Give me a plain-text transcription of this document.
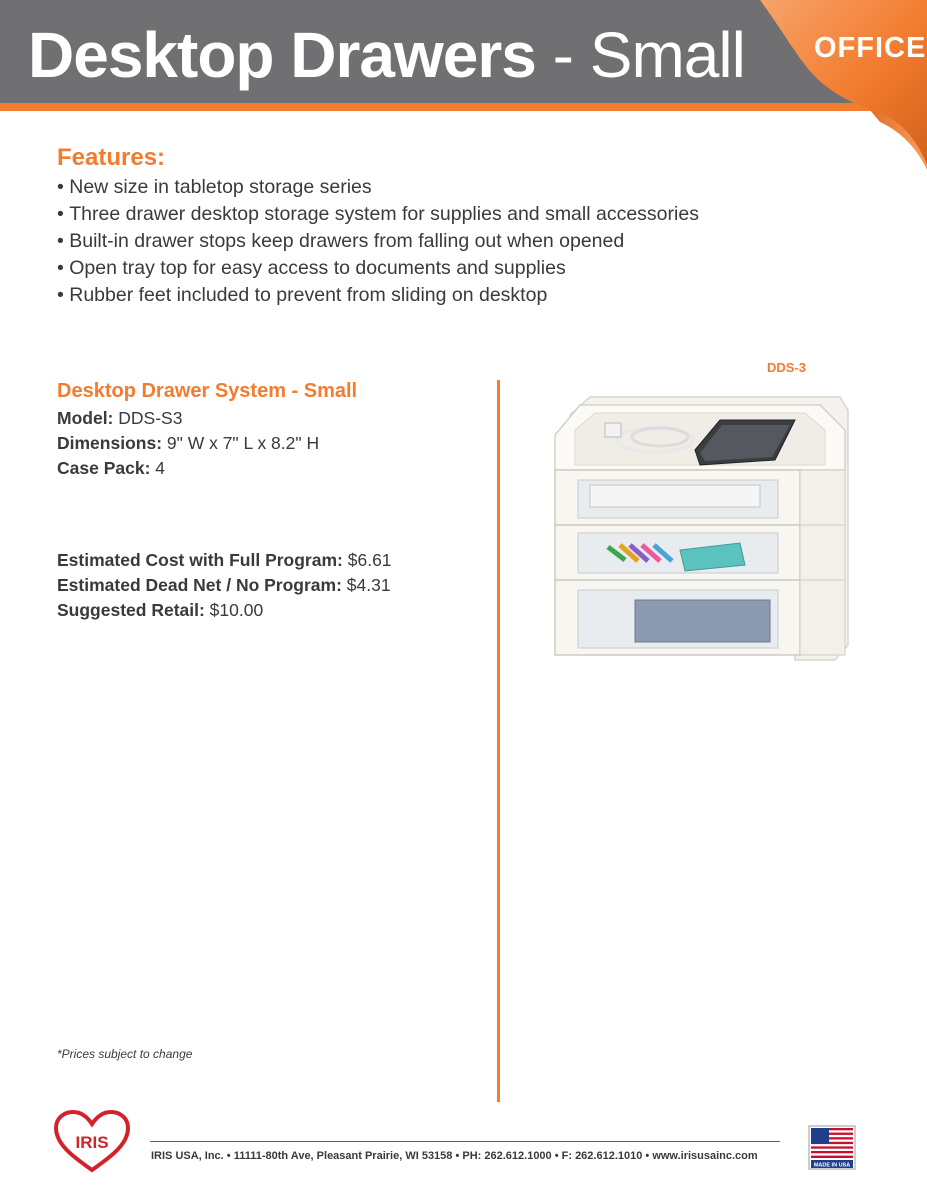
Desktop Drawers - Small OFFICE
Features:
• New size in tabletop storage series
• Three drawer desktop storage system for supplies and small accessories
• Built-in drawer stops keep drawers from falling out when opened
• Open tray top for easy access to documents and supplies
• Rubber feet included to prevent from sliding on desktop
Desktop Drawer System - Small
Model: DDS-S3
Dimensions: 9" W x 7" L x 8.2" H
Case Pack: 4
Estimated Cost with Full Program: $6.61
Estimated Dead Net / No Program: $4.31
Suggested Retail: $10.00
DDS-3
*Prices subject to change
IRIS
IRIS USA, Inc. • 11111-80th Ave, Pleasant Prairie, WI 53158 • PH: 262.612.1000 • F: 262.612.1010 • www.irisusainc.com
MADE IN USA
